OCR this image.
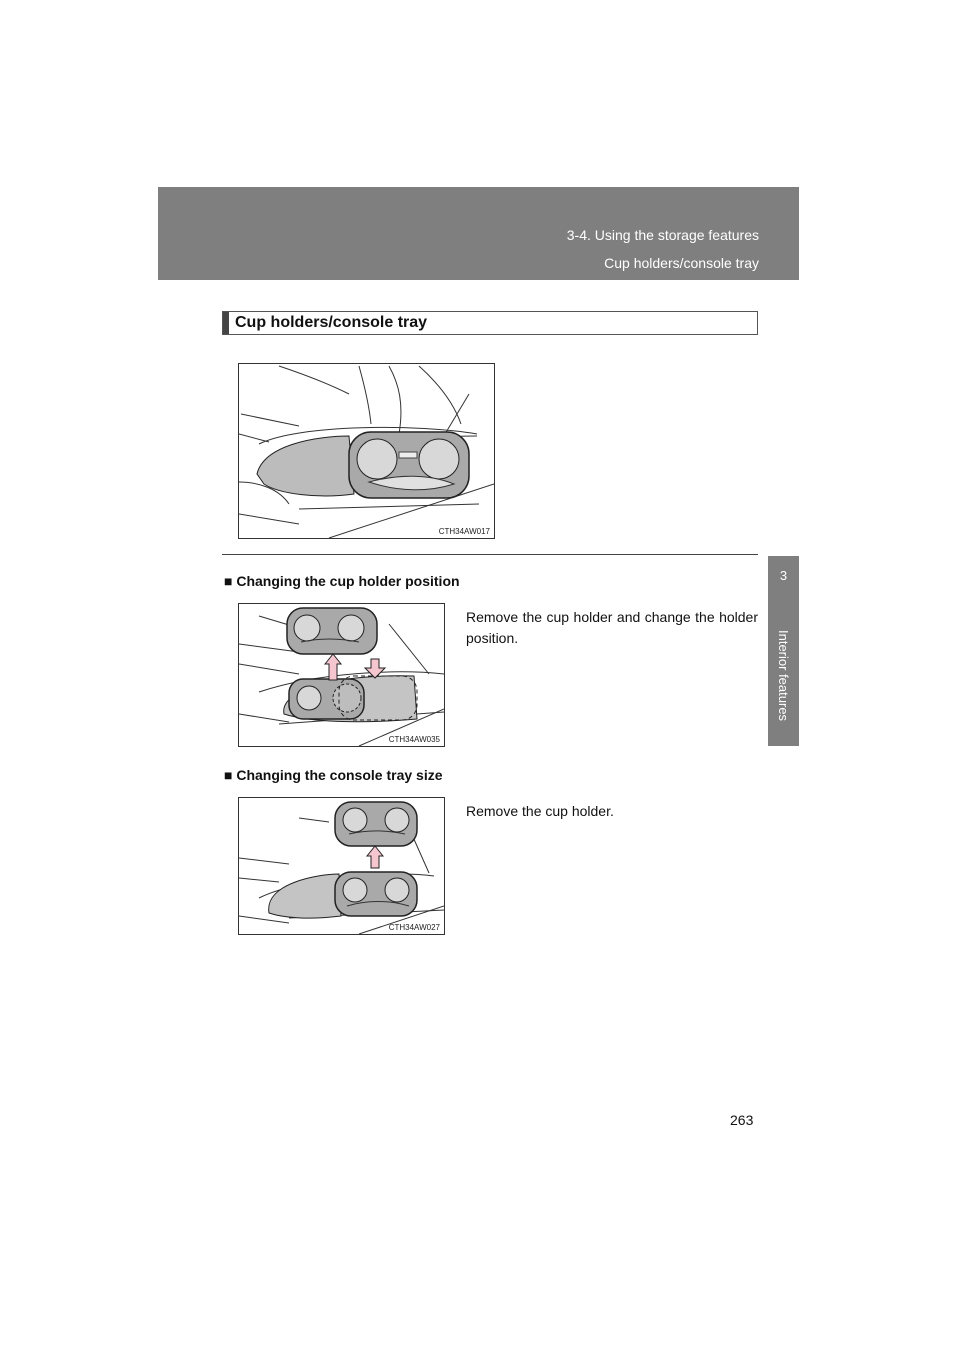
3-4. Using the storage features
Cup holders/console tray
3
Interior features
Cup holders/console tray
CTH34AW017
■ Changing the cup holder position
CTH34AW035
Remove the cup holder and change the holder position.
■ Changing the console tray size
CTH34AW027
Remove the cup holder.
263
